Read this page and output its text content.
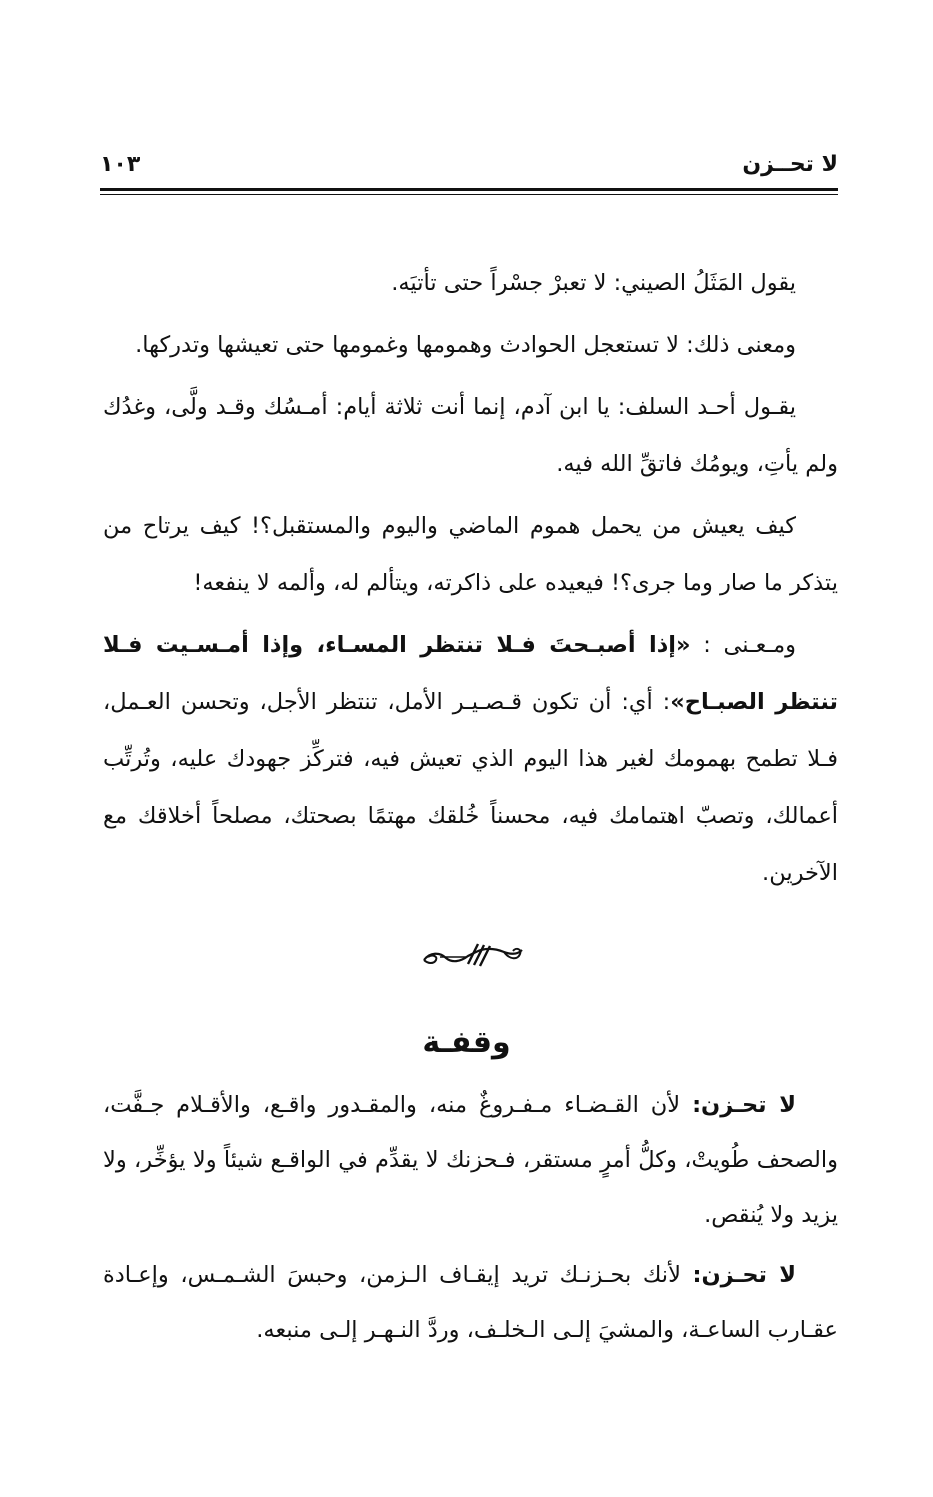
لا تحــزن
١٠٣

يقول المَثَلُ الصيني: لا تعبرْ جسْراً حتى تأتيَه.

ومعنى ذلك: لا تستعجل الحوادث وهمومها وغمومها حتى تعيشها وتدركها.

يقـول أحـد السلف: يا ابن آدم، إنما أنت ثلاثة أيام: أمـسُك وقـد ولَّى، وغدُك ولم يأتِ، ويومُك فاتقِّ الله فيه.

كيف يعيش من يحمل هموم الماضي واليوم والمستقبل؟! كيف يرتاح من يتذكر ما صار وما جرى؟! فيعيده على ذاكرته، ويتألم له، وألمه لا ينفعه!

ومـعـنى : «إذا أصبـحتَ فـلا تنتظر المسـاء، وإذا أمـسـيت فـلا تنتظر الصبـاح»: أي: أن تكون قـصـيـر الأمل، تنتظر الأجل، وتحسن العـمل، فـلا تطمح بهمومك لغير هذا اليوم الذي تعيش فيه، فتركِّز جهودك عليه، وتُرتِّب أعمالك، وتصبّ اهتمامك فيه، محسناً خُلقك مهتمًا بصحتك، مصلحاً أخلاقك مع الآخرين.

وقفـة

لا تحـزن: لأن القـضـاء مـفـروغٌ منه، والمقـدور واقـع، والأقـلام جـفَّت، والصحف طُويتْ، وكلُّ أمرٍ مستقر، فـحزنك لا يقدِّم في الواقـع شيئاً ولا يؤخِّر، ولا يزيد ولا يُنقص.

لا تحـزن: لأنك بحـزنـك تريد إيقـاف الـزمن، وحبسَ الشـمـس، وإعـادة عقـارب الساعـة، والمشيَ إلـى الـخلـف، وردَّ النـهـر إلـى منبعه.
